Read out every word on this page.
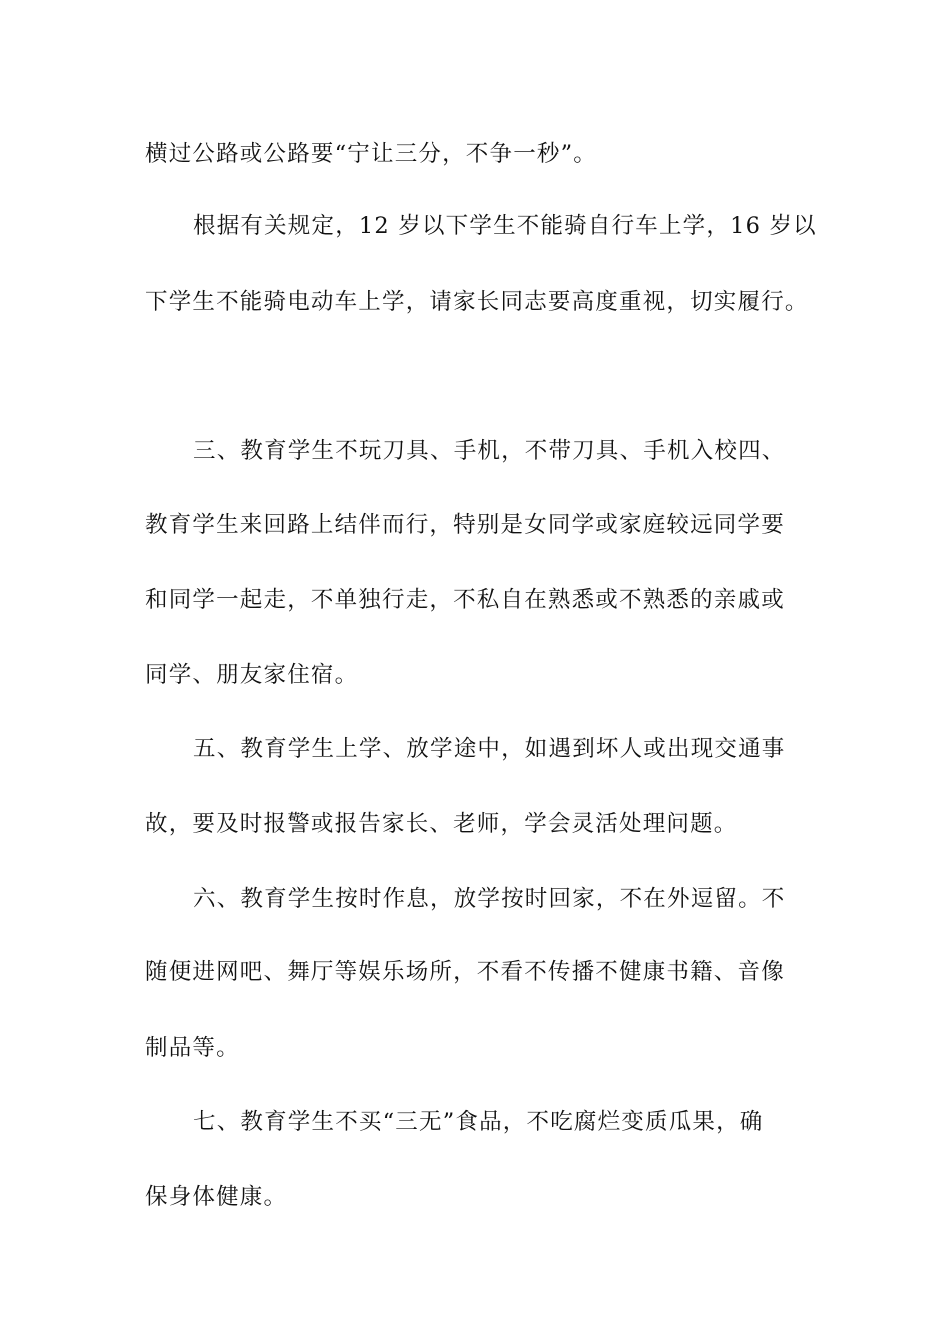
横过公路或公路要“宁让三分，不争一秒”。

根据有关规定，12 岁以下学生不能骑自行车上学，16 岁以

下学生不能骑电动车上学，请家长同志要高度重视，切实履行。

三、教育学生不玩刀具、手机，不带刀具、手机入校四、

教育学生来回路上结伴而行，特别是女同学或家庭较远同学要

和同学一起走，不单独行走，不私自在熟悉或不熟悉的亲戚或

同学、朋友家住宿。

五、教育学生上学、放学途中，如遇到坏人或出现交通事

故，要及时报警或报告家长、老师，学会灵活处理问题。

六、教育学生按时作息，放学按时回家，不在外逗留。不

随便进网吧、舞厅等娱乐场所，不看不传播不健康书籍、音像

制品等。

七、教育学生不买“三无”食品，不吃腐烂变质瓜果，确

保身体健康。
